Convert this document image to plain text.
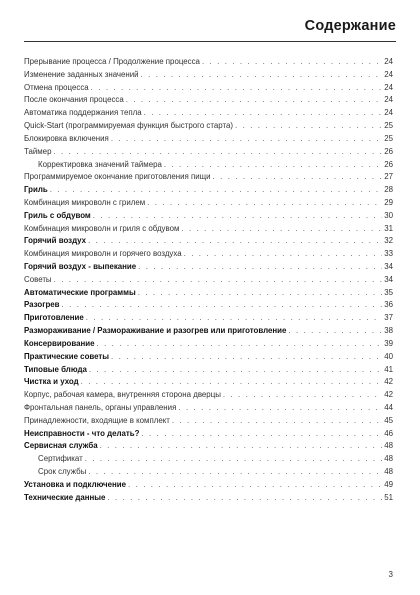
Содержание
Прерывание процесса / Продолжение процесса . . .	24
Изменение заданных значений . . .	24
Отмена процесса . . .	24
После окончания процесса . . .	24
Автоматика поддержания тепла . . .	24
Quick-Start (программируемая функция быстрого старта) . . .	25
Блокировка включения . . .	25
Таймер . . .	26
Корректировка значений таймера . . .	26
Программируемое окончание приготовления пищи . . .	27
Гриль . . .	28
Комбинация микроволн с грилем . . .	29
Гриль с обдувом . . .	30
Комбинация микроволн и гриля с обдувом . . .	31
Горячий воздух . . .	32
Комбинация микроволн и горячего воздуха . . .	33
Горячий воздух - выпекание . . .	34
Советы . . .	34
Автоматические программы . . .	35
Разогрев . . .	36
Приготовление . . .	37
Размораживание / Размораживание и разогрев или приготовление . . .	38
Консервирование . . .	39
Практические советы . . .	40
Типовые блюда . . .	41
Чистка и уход . . .	42
Корпус, рабочая камера, внутренняя сторона дверцы . . .	42
Фронтальная панель, органы управления . . .	44
Принадлежности, входящие в комплект . . .	45
Неисправности - что делать? . . .	46
Сервисная служба . . .	48
Сертификат . . .	48
Срок службы . . .	48
Установка и подключение . . .	49
Технические данные . . .	51
3
